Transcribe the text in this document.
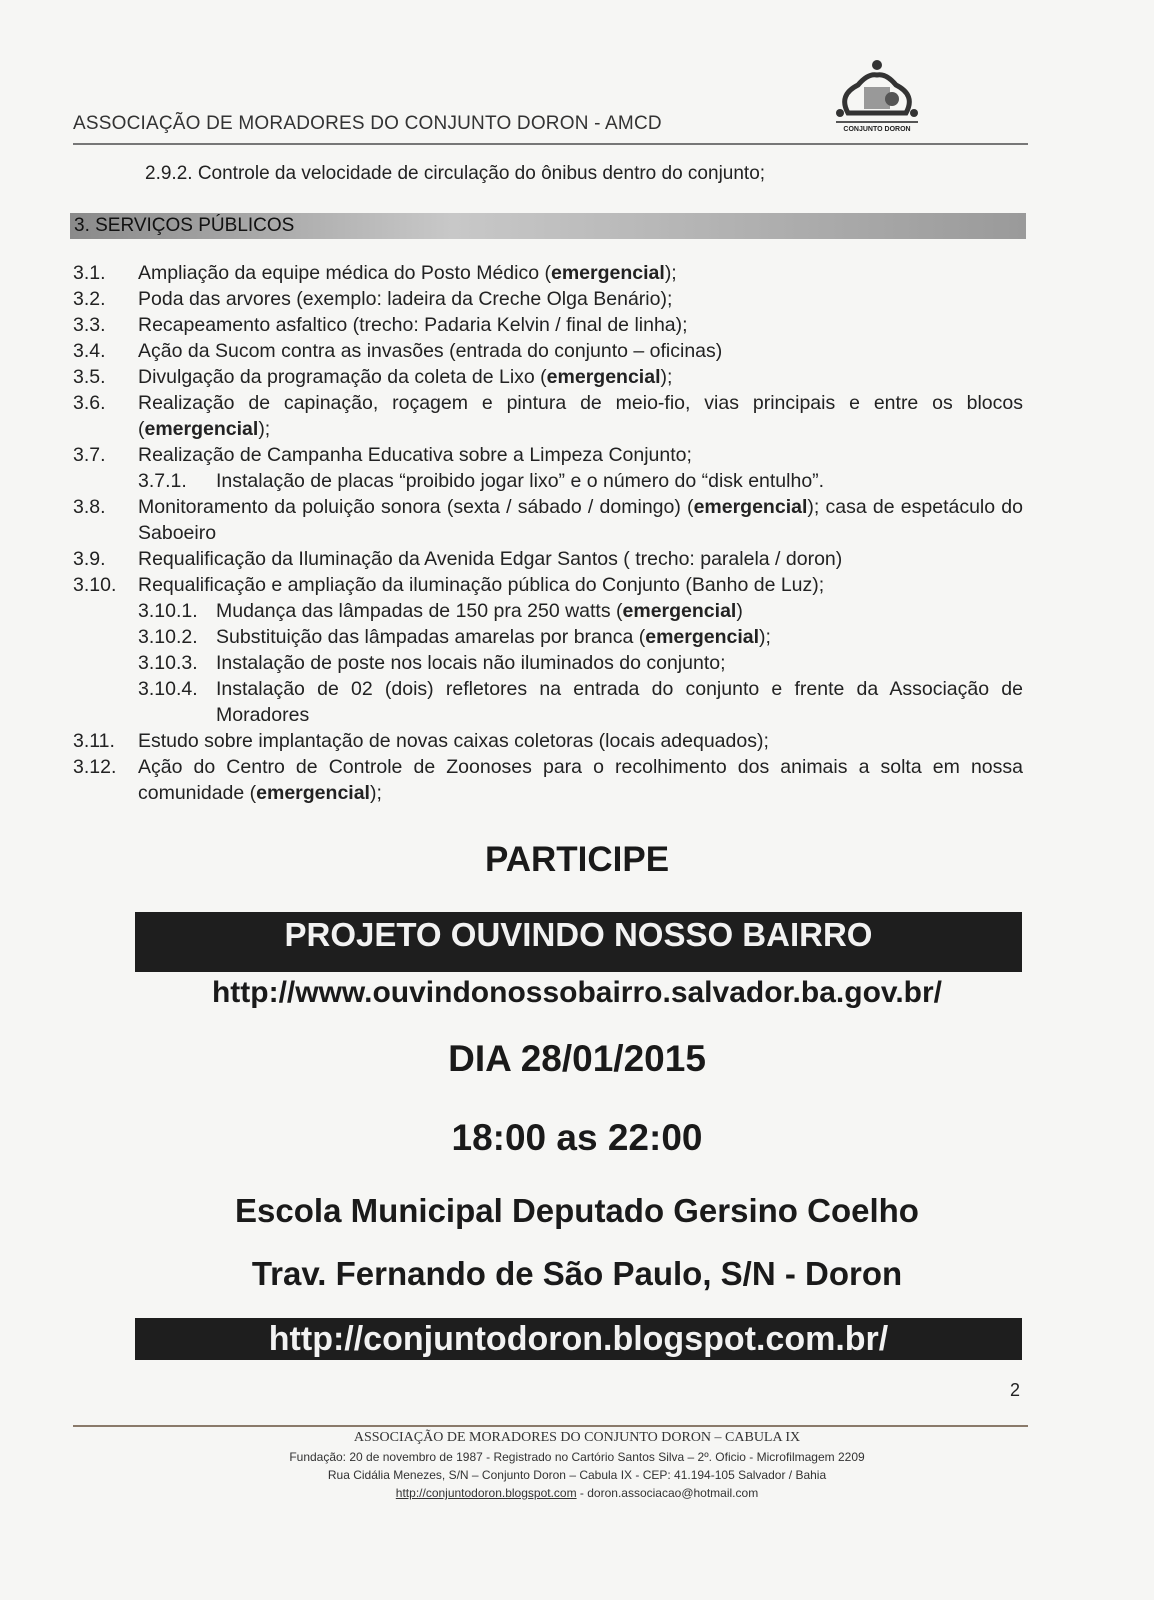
ASSOCIAÇÃO DE MORADORES DO CONJUNTO DORON - AMCD	CONJUNTO DORON
2.9.2. Controle da velocidade de circulação do ônibus dentro do conjunto;
3. SERVIÇOS PÚBLICOS
3.1.	Ampliação da equipe médica do Posto Médico (emergencial);
3.2.	Poda das arvores (exemplo: ladeira da Creche Olga Benário);
3.3.	Recapeamento asfaltico (trecho: Padaria Kelvin / final de linha);
3.4.	Ação da Sucom contra as invasões (entrada do conjunto – oficinas)
3.5.	Divulgação da programação da coleta de Lixo (emergencial);
3.6.	Realização de capinação, roçagem e pintura de meio-fio, vias principais e entre os blocos (emergencial);
3.7.	Realização de Campanha Educativa sobre a Limpeza Conjunto;
3.7.1.	Instalação de placas “proibido jogar lixo” e o número do “disk entulho”.
3.8.	Monitoramento da poluição sonora (sexta / sábado / domingo) (emergencial); casa de espetáculo do Saboeiro
3.9.	Requalificação da Iluminação da Avenida Edgar Santos ( trecho: paralela / doron)
3.10.	Requalificação e ampliação da iluminação pública do Conjunto (Banho de Luz);
3.10.1. Mudança das lâmpadas de 150 pra 250 watts (emergencial)
3.10.2. Substituição das lâmpadas amarelas por branca (emergencial);
3.10.3. Instalação de poste nos locais não iluminados do conjunto;
3.10.4. Instalação de 02 (dois) refletores na entrada do conjunto e frente da Associação de Moradores
3.11.	Estudo sobre implantação de novas caixas coletoras (locais adequados);
3.12.	Ação do Centro de Controle de Zoonoses para o recolhimento dos animais a solta em nossa comunidade (emergencial);
PARTICIPE
PROJETO OUVINDO NOSSO BAIRRO
http://www.ouvindonossobairro.salvador.ba.gov.br/
DIA 28/01/2015
18:00 as 22:00
Escola Municipal Deputado Gersino Coelho
Trav. Fernando de São Paulo, S/N - Doron
http://conjuntodoron.blogspot.com.br/
2
ASSOCIAÇÃO DE MORADORES DO CONJUNTO DORON – CABULA IX
Fundação: 20 de novembro de 1987 - Registrado no Cartório Santos Silva – 2º. Oficio - Microfilmagem 2209
Rua Cidália Menezes, S/N – Conjunto Doron – Cabula IX - CEP: 41.194-105 Salvador / Bahia
http://conjuntodoron.blogspot.com - doron.associacao@hotmail.com
